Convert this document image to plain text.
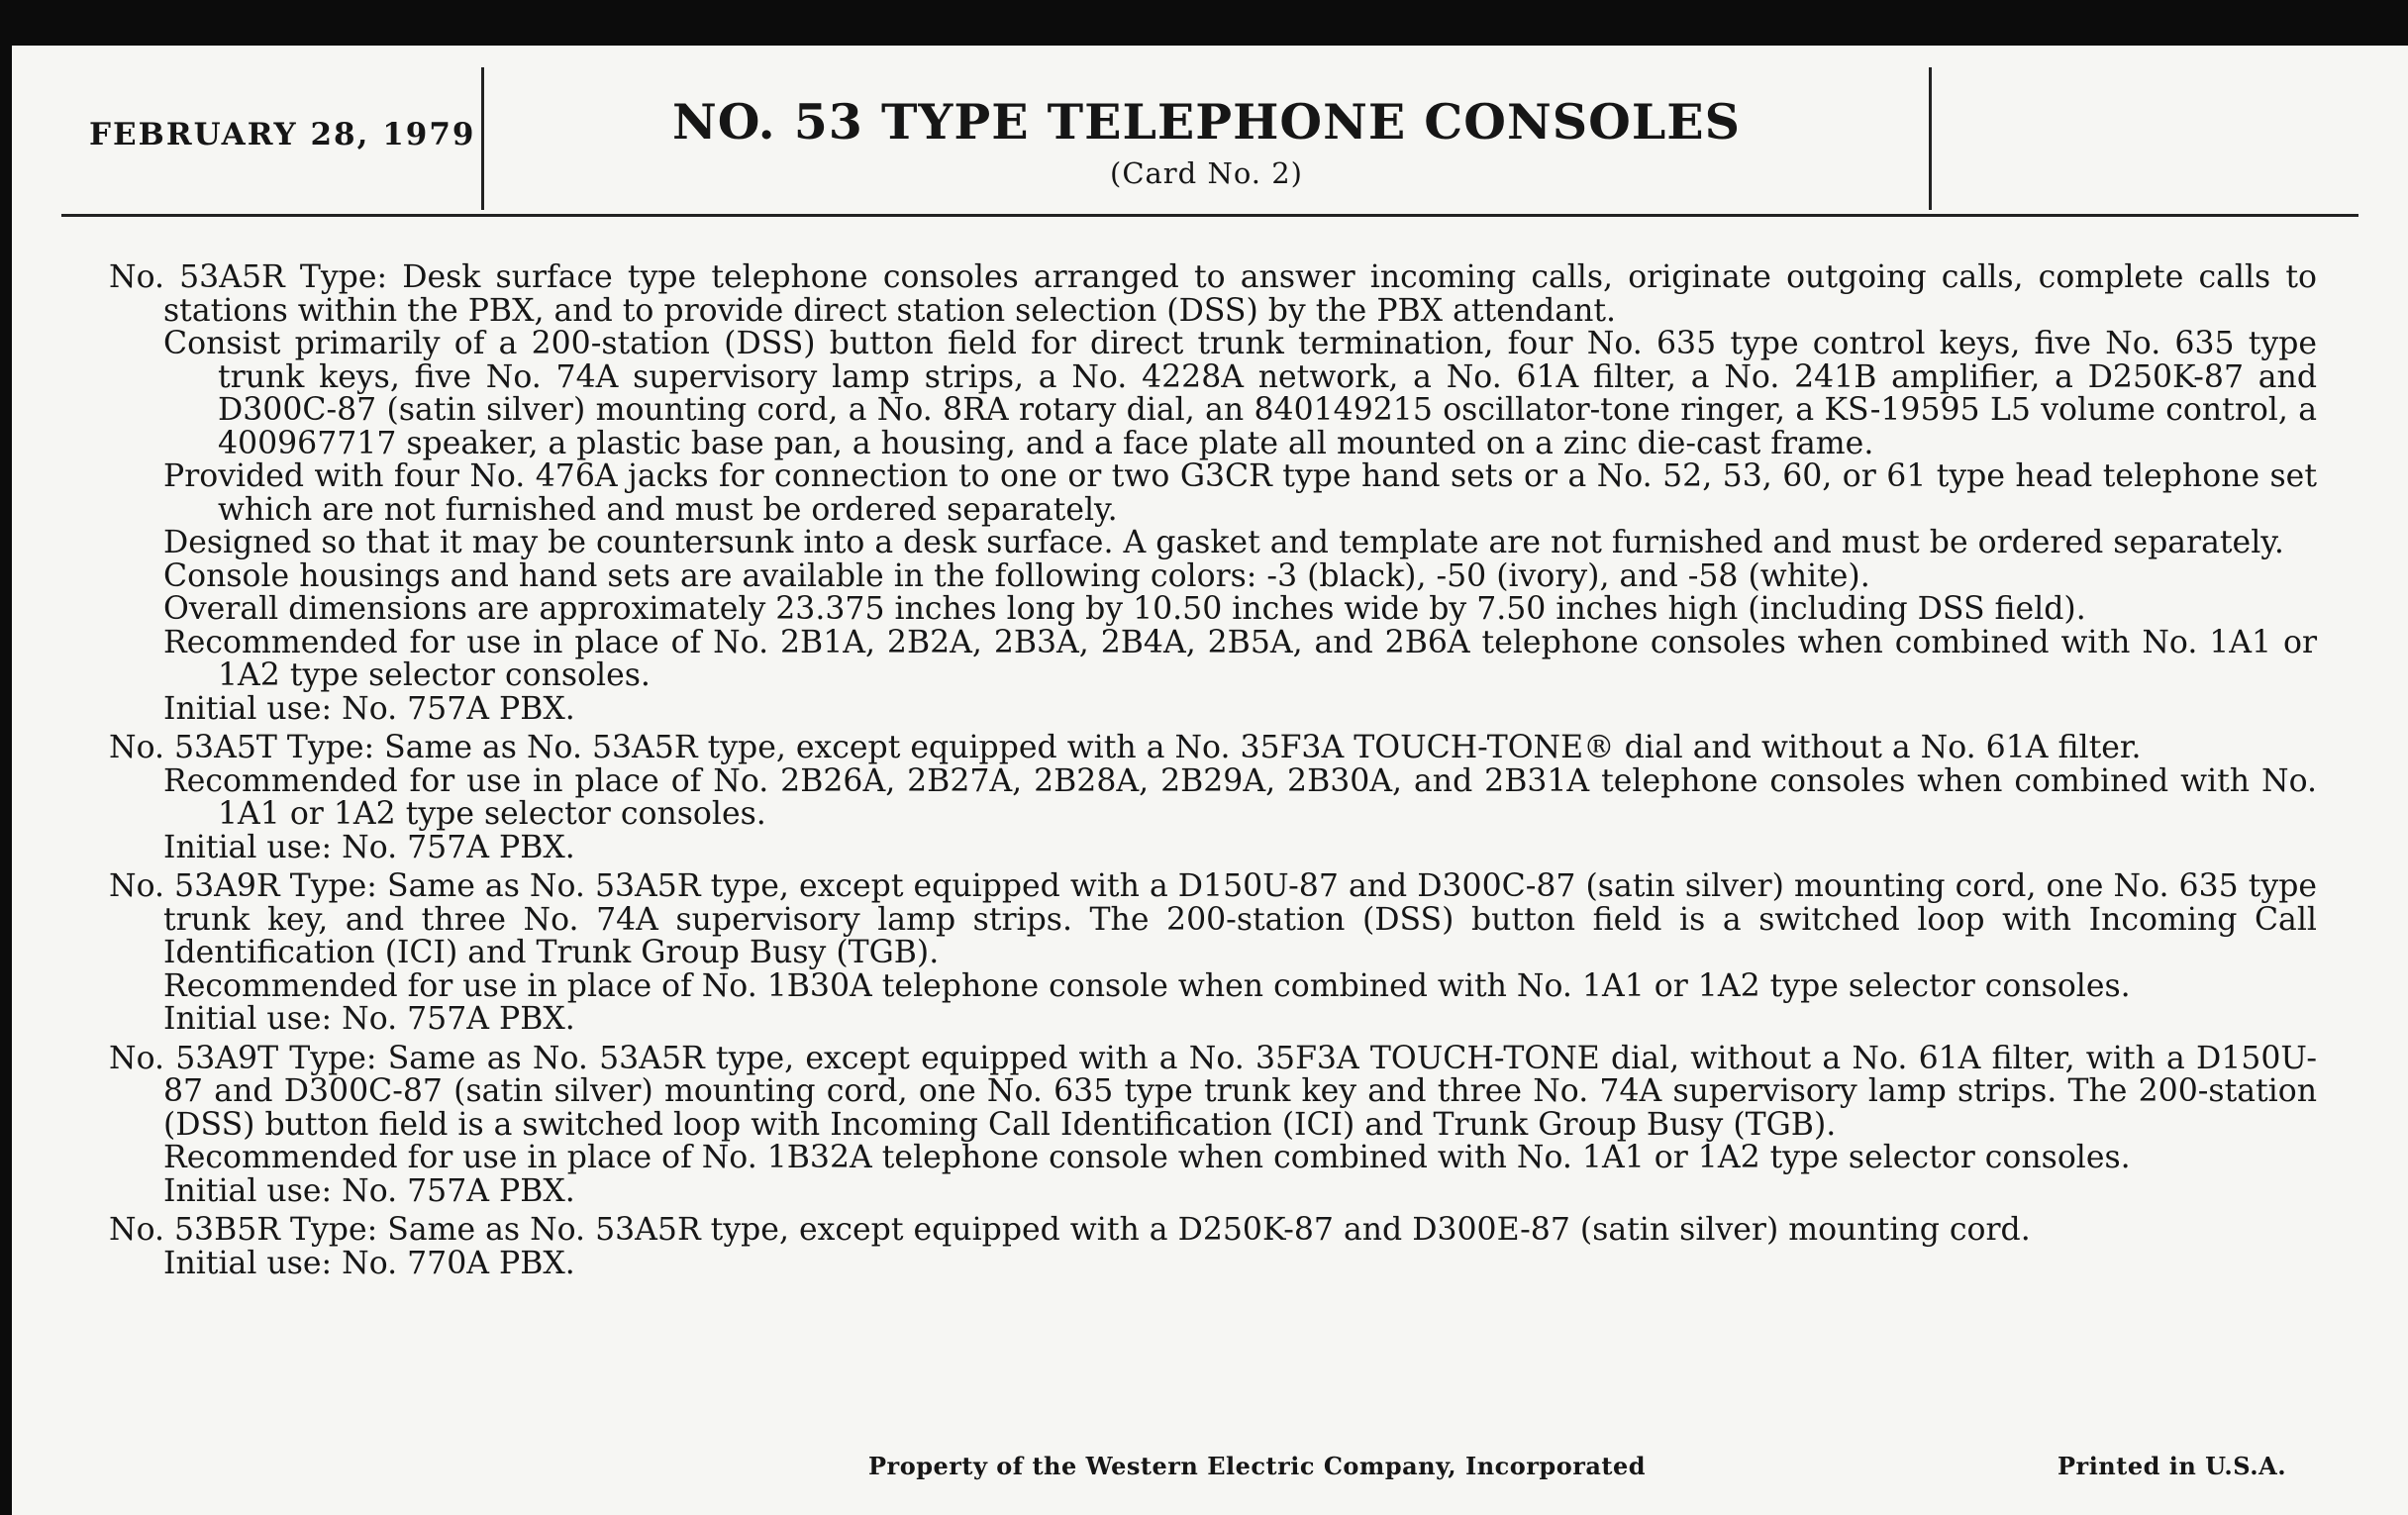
FEBRUARY 28, 1979	NO. 53 TYPE TELEPHONE CONSOLES
(Card No. 2)
No. 53A5R Type: Desk surface type telephone consoles arranged to answer incoming calls, originate outgoing calls, complete calls to stations within the PBX, and to provide direct station selection (DSS) by the PBX attendant.
Consist primarily of a 200-station (DSS) button field for direct trunk termination, four No. 635 type control keys, five No. 635 type trunk keys, five No. 74A supervisory lamp strips, a No. 4228A network, a No. 61A filter, a No. 241B amplifier, a D250K-87 and D300C-87 (satin silver) mounting cord, a No. 8RA rotary dial, an 840149215 oscillator-tone ringer, a KS-19595 L5 volume control, a 400967717 speaker, a plastic base pan, a housing, and a face plate all mounted on a zinc die-cast frame.
Provided with four No. 476A jacks for connection to one or two G3CR type hand sets or a No. 52, 53, 60, or 61 type head telephone set which are not furnished and must be ordered separately.
Designed so that it may be countersunk into a desk surface. A gasket and template are not furnished and must be ordered separately.
Console housings and hand sets are available in the following colors: -3 (black), -50 (ivory), and -58 (white).
Overall dimensions are approximately 23.375 inches long by 10.50 inches wide by 7.50 inches high (including DSS field).
Recommended for use in place of No. 2B1A, 2B2A, 2B3A, 2B4A, 2B5A, and 2B6A telephone consoles when combined with No. 1A1 or 1A2 type selector consoles.
Initial use: No. 757A PBX.
No. 53A5T Type: Same as No. 53A5R type, except equipped with a No. 35F3A TOUCH-TONE® dial and without a No. 61A filter.
Recommended for use in place of No. 2B26A, 2B27A, 2B28A, 2B29A, 2B30A, and 2B31A telephone consoles when combined with No. 1A1 or 1A2 type selector consoles.
Initial use: No. 757A PBX.
No. 53A9R Type: Same as No. 53A5R type, except equipped with a D150U-87 and D300C-87 (satin silver) mounting cord, one No. 635 type trunk key, and three No. 74A supervisory lamp strips. The 200-station (DSS) button field is a switched loop with Incoming Call Identification (ICI) and Trunk Group Busy (TGB).
Recommended for use in place of No. 1B30A telephone console when combined with No. 1A1 or 1A2 type selector consoles.
Initial use: No. 757A PBX.
No. 53A9T Type: Same as No. 53A5R type, except equipped with a No. 35F3A TOUCH-TONE dial, without a No. 61A filter, with a D150U-87 and D300C-87 (satin silver) mounting cord, one No. 635 type trunk key and three No. 74A supervisory lamp strips. The 200-station (DSS) button field is a switched loop with Incoming Call Identification (ICI) and Trunk Group Busy (TGB).
Recommended for use in place of No. 1B32A telephone console when combined with No. 1A1 or 1A2 type selector consoles.
Initial use: No. 757A PBX.
No. 53B5R Type: Same as No. 53A5R type, except equipped with a D250K-87 and D300E-87 (satin silver) mounting cord.
Initial use: No. 770A PBX.
Property of the Western Electric Company, Incorporated	Printed in U.S.A.
